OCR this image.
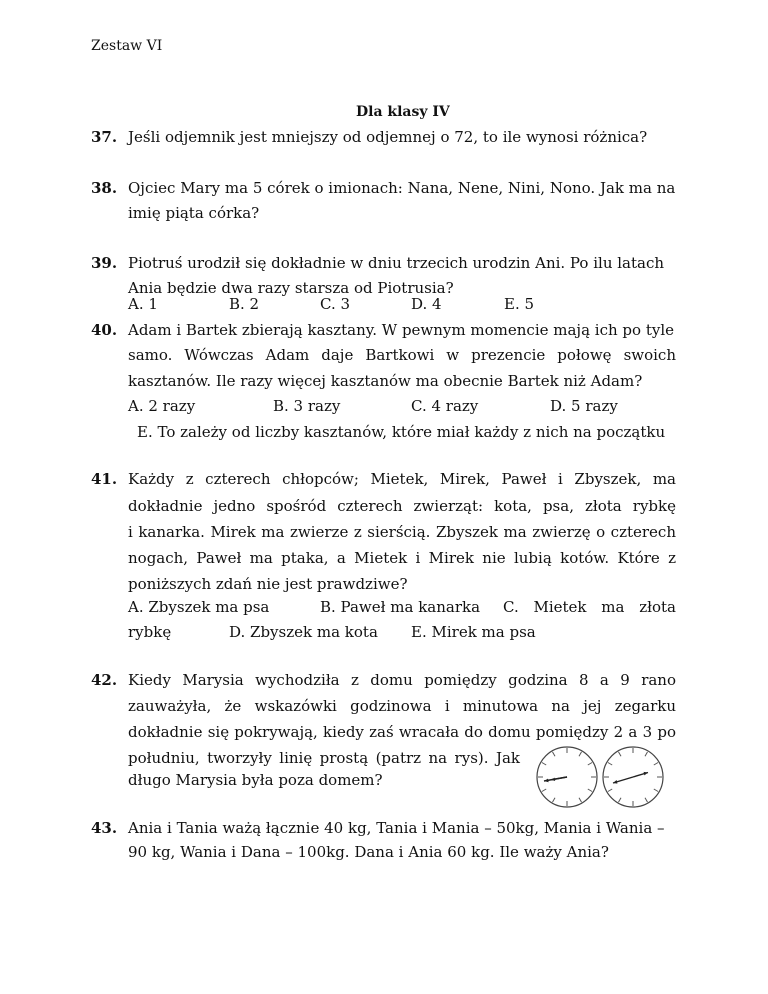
Zestaw VI
Dla klasy IV
37. Jeśli odjemnik jest mniejszy od odjemnej o 72, to ile wynosi różnica?
38. Ojciec Mary ma 5 córek o imionach: Nana, Nene, Nini, Nono. Jak ma na
imię piąta córka?
39. Piotruś urodził się dokładnie w dniu trzecich urodzin Ani. Po ilu latach
Ania będzie dwa razy starsza od Piotrusia?
A. 1	B. 2	C. 3	D. 4	E. 5
40. Adam i Bartek zbierają kasztany. W pewnym momencie mają ich po tyle
samo. Wówczas Adam daje Bartkowi w prezencie połowę swoich
kasztanów. Ile razy więcej kasztanów ma obecnie Bartek niż Adam?
A. 2 razy	B. 3 razy	C. 4 razy	D. 5 razy
E. To zależy od liczby kasztanów, które miał każdy z nich na początku
41. Każdy z czterech chłopców; Mietek, Mirek, Paweł i Zbyszek, ma
dokładnie jedno spośród czterech zwierząt: kota, psa, złota rybkę
i kanarka. Mirek ma zwierze z sierścią. Zbyszek ma zwierzę o czterech
nogach, Paweł ma ptaka, a Mietek i Mirek nie lubią kotów. Które z
poniższych zdań nie jest prawdziwe?
A. Zbyszek ma psa	B. Paweł ma kanarka C. Mietek ma złota
rybkę	D. Zbyszek ma kota E. Mirek ma psa
42. Kiedy Marysia wychodziła z domu pomiędzy godzina 8 a 9 rano
zauważyła, że wskazówki godzinowa i minutowa na jej zegarku
dokładnie się pokrywają, kiedy zaś wracała do domu pomiędzy 2 a 3 po
południu, tworzyły linię prostą (patrz na rys). Jak
długo Marysia była poza domem?
43. Ania i Tania ważą łącznie 40 kg, Tania i Mania – 50kg, Mania i Wania –
90 kg, Wania i Dana – 100kg. Dana i Ania 60 kg. Ile waży Ania?
